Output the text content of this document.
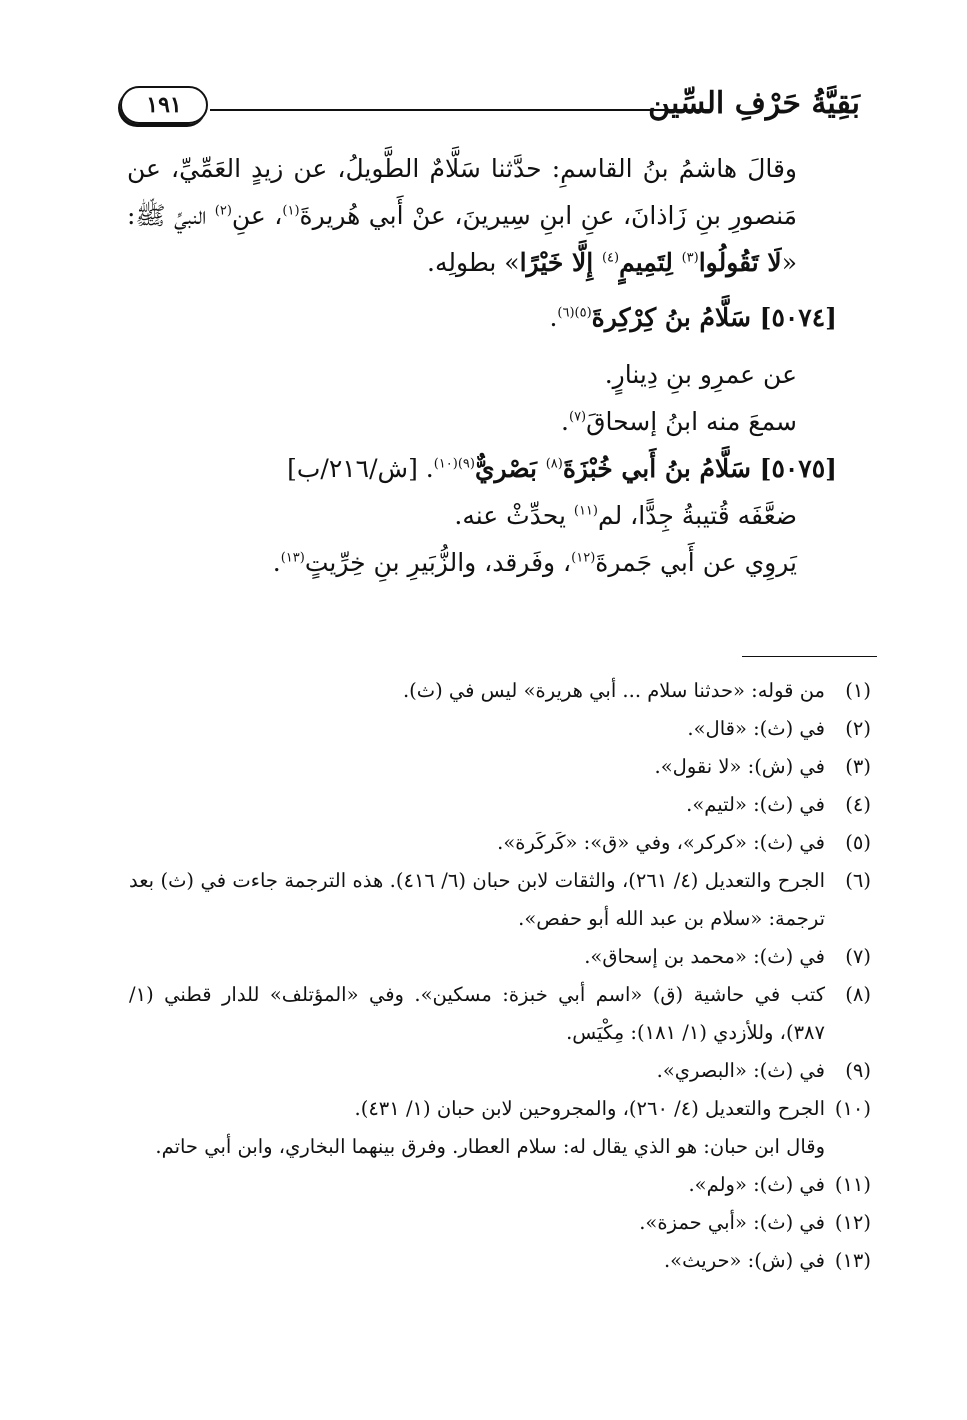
بَقِيَّةُ حَرْفِ السِّين
١٩١

وقالَ هاشمُ بنُ القاسمِ: حدَّثنا سَلَّامٌ الطَّويلُ، عن زيدٍ العَمِّيِّ، عن مَنصورِ بنِ زَاذانَ، عنِ ابنِ سِيرينَ، عنْ أَبي هُريرةَ$^{(١)}$، عنِ$^{(٢)}$ النبيِّ ﷺ: «لَا تَقُولُوا$^{(٣)}$ لِتَمِيمٍ$^{(٤)}$ إِلَّا خَيْرًا» بطولِه.

[٥٠٧٤] سَلَّامُ بنُ كِرْكِرةَ$^{(٥)(٦)}$.

عن عمرِو بنِ دِينارٍ.

سمعَ منه ابنُ إسحاقَ$^{(٧)}$.

[٥٠٧٥] سَلَّامُ بنُ أَبي خُبْزَةَ$^{(٨)}$ بَصْريٌّ$^{(٩)(١٠)}$. [ش/٢١٦/ب]

ضعَّفَه قُتيبةُ جِدًّا، لم$^{(١١)}$ يحدِّثْ عنه.

يَروِي عن أَبي جَمرةَ$^{(١٢)}$، وفَرقد، والزُّبَيرِ بنِ خِرِّيتٍ$^{(١٣)}$.

(١)
من قوله: «حدثنا سلام ... أبي هريرة» ليس في (ث).
(٢)
في (ث): «قال».
(٣)
في (ش): «لا نقول».
(٤)
في (ث): «لتيم».
(٥)
في (ث): «كركر»، وفي «ق»: «كَركَرة».
(٦)
الجرح والتعديل (٤/ ٢٦١)، والثقات لابن حبان (٦/ ٤١٦). هذه الترجمة جاءت في (ث) بعد ترجمة: «سلام بن عبد الله أبو حفص».
(٧)
في (ث): «محمد بن إسحاق».
(٨)
كتب في حاشية (ق) «اسم أبي خبزة: مسكين». وفي «المؤتلف» للدار قطني (١/ ٣٨٧)، وللأزدي (١/ ١٨١): مِكْيَس.
(٩)
في (ث): «البصري».
(١٠)
الجرح والتعديل (٤/ ٢٦٠)، والمجروحين لابن حبان (١/ ٤٣١).
وقال ابن حبان: هو الذي يقال له: سلام العطار. وفرق بينهما البخاري، وابن أبي حاتم.
(١١)
في (ث): «ولم».
(١٢)
في (ث): «أبي حمزة».
(١٣)
في (ش): «حريث».
